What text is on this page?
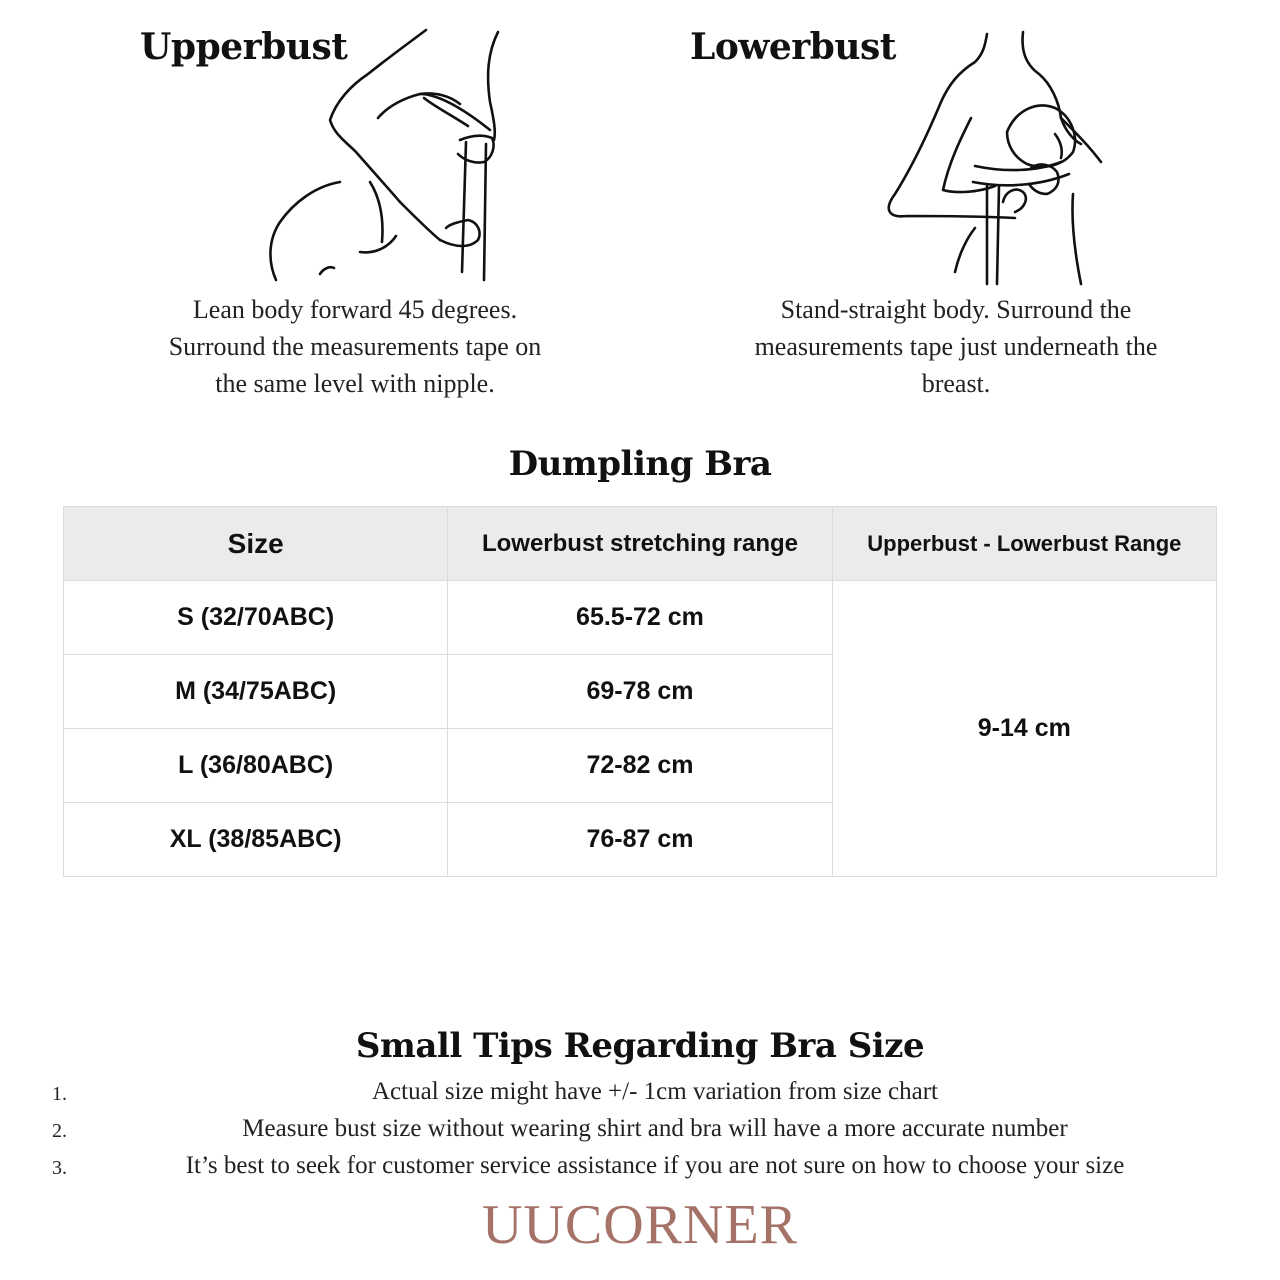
Upperbust
Lean body forward 45 degrees.
Surround the measurements tape on
the same level with nipple.
Lowerbust
Stand-straight body. Surround the
measurements tape just underneath the
breast.
Dumpling Bra
Size	Lowerbust stretching range	Upperbust - Lowerbust Range
S (32/70ABC)	65.5-72 cm	9-14 cm
M (34/75ABC)	69-78 cm	
L (36/80ABC)	72-82 cm	
XL (38/85ABC)	76-87 cm	
Small Tips Regarding Bra Size
1.	Actual size might have +/- 1cm variation from size chart
2.	Measure bust size without wearing shirt and bra will have a more accurate number
3.	It’s best to seek for customer service assistance if you are not sure on how to choose your size
UUCORNER
